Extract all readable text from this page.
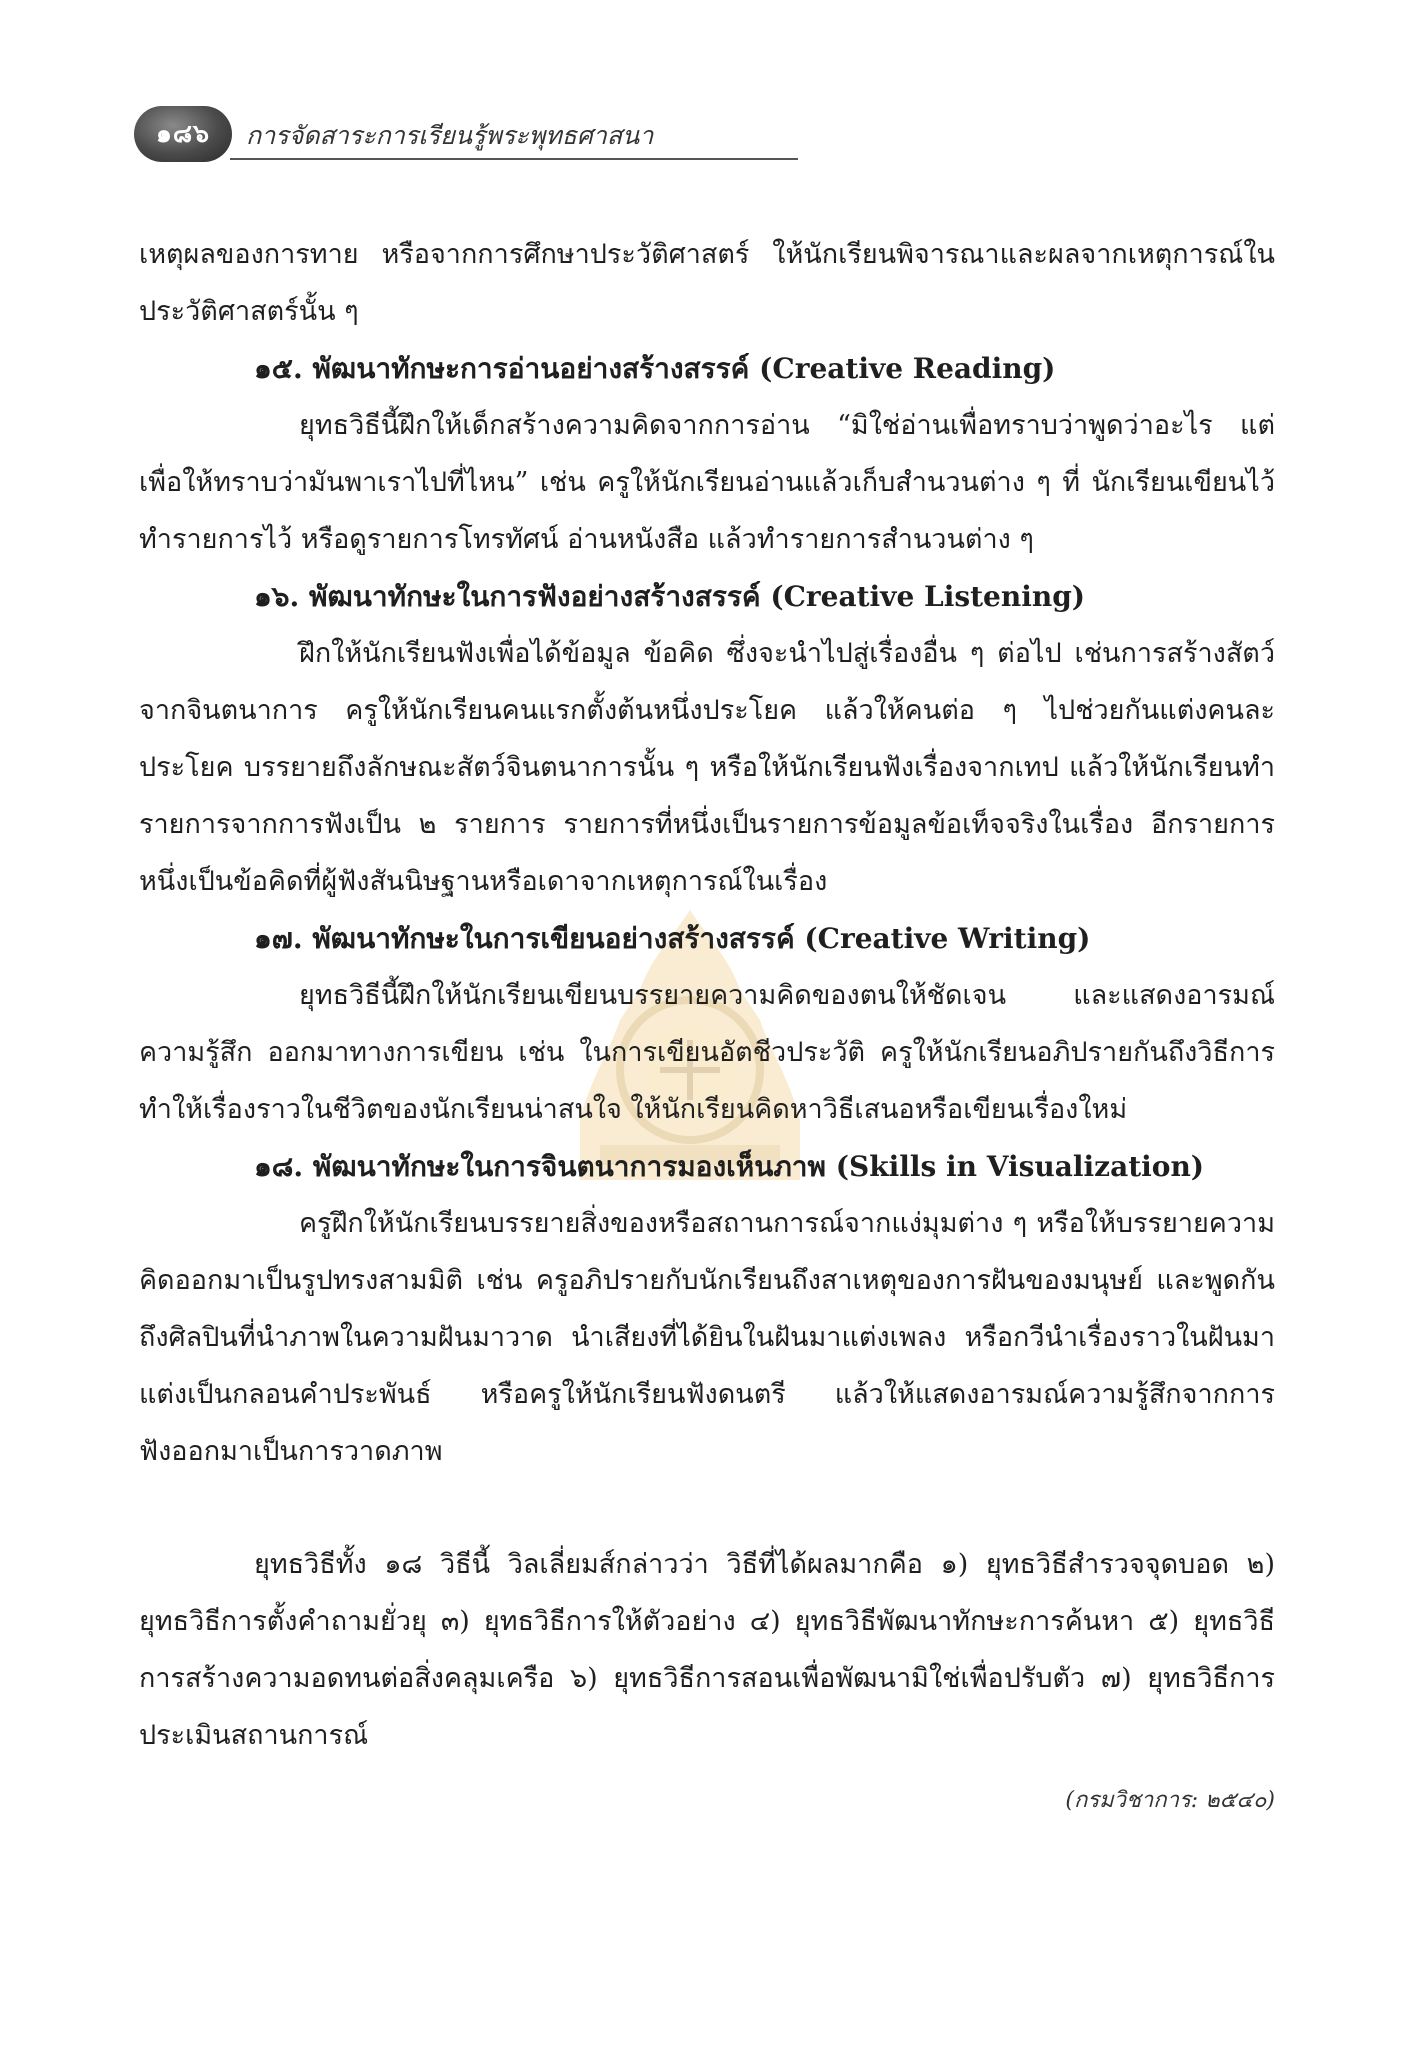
๑๘๖	การจัดสาระการเรียนรู้พระพุทธศาสนา

เหตุผลของการทาย หรือจากการศึกษาประวัติศาสตร์ ให้นักเรียนพิจารณาและผลจากเหตุการณ์ในประวัติศาสตร์นั้น ๆ

๑๕. พัฒนาทักษะการอ่านอย่างสร้างสรรค์ (Creative Reading)

ยุทธวิธีนี้ฝึกให้เด็กสร้างความคิดจากการอ่าน “มิใช่อ่านเพื่อทราบว่าพูดว่าอะไร แต่เพื่อให้ทราบว่ามันพาเราไปที่ไหน” เช่น ครูให้นักเรียนอ่านแล้วเก็บสำนวนต่าง ๆ ที่ นักเรียนเขียนไว้ ทำรายการไว้ หรือดูรายการโทรทัศน์ อ่านหนังสือ แล้วทำรายการสำนวนต่าง ๆ

๑๖. พัฒนาทักษะในการฟังอย่างสร้างสรรค์ (Creative Listening)

ฝึกให้นักเรียนฟังเพื่อได้ข้อมูล ข้อคิด ซึ่งจะนำไปสู่เรื่องอื่น ๆ ต่อไป เช่นการสร้างสัตว์จากจินตนาการ ครูให้นักเรียนคนแรกตั้งต้นหนึ่งประโยค แล้วให้คนต่อ ๆ ไปช่วยกันแต่งคนละประโยค บรรยายถึงลักษณะสัตว์จินตนาการนั้น ๆ หรือให้นักเรียนฟังเรื่องจากเทป แล้วให้นักเรียนทำรายการจากการฟังเป็น ๒ รายการ รายการที่หนึ่งเป็นรายการข้อมูลข้อเท็จจริงในเรื่อง อีกรายการหนึ่งเป็นข้อคิดที่ผู้ฟังสันนิษฐานหรือเดาจากเหตุการณ์ในเรื่อง

๑๗. พัฒนาทักษะในการเขียนอย่างสร้างสรรค์ (Creative Writing)

ยุทธวิธีนี้ฝึกให้นักเรียนเขียนบรรยายความคิดของตนให้ชัดเจน และแสดงอารมณ์ความรู้สึก ออกมาทางการเขียน เช่น ในการเขียนอัตชีวประวัติ ครูให้นักเรียนอภิปรายกันถึงวิธีการทำให้เรื่องราวในชีวิตของนักเรียนน่าสนใจ ให้นักเรียนคิดหาวิธีเสนอหรือเขียนเรื่องใหม่

๑๘. พัฒนาทักษะในการจินตนาการมองเห็นภาพ (Skills in Visualization)

ครูฝึกให้นักเรียนบรรยายสิ่งของหรือสถานการณ์จากแง่มุมต่าง ๆ หรือให้บรรยายความคิดออกมาเป็นรูปทรงสามมิติ เช่น ครูอภิปรายกับนักเรียนถึงสาเหตุของการฝันของมนุษย์ และพูดกันถึงศิลปินที่นำภาพในความฝันมาวาด นำเสียงที่ได้ยินในฝันมาแต่งเพลง หรือกวีนำเรื่องราวในฝันมาแต่งเป็นกลอนคำประพันธ์ หรือครูให้นักเรียนฟังดนตรี แล้วให้แสดงอารมณ์ความรู้สึกจากการฟังออกมาเป็นการวาดภาพ

ยุทธวิธีทั้ง ๑๘ วิธีนี้ วิลเลี่ยมส์กล่าวว่า วิธีที่ได้ผลมากคือ ๑) ยุทธวิธีสำรวจจุดบอด ๒) ยุทธวิธีการตั้งคำถามยั่วยุ ๓) ยุทธวิธีการให้ตัวอย่าง ๔) ยุทธวิธีพัฒนาทักษะการค้นหา ๕) ยุทธวิธีการสร้างความอดทนต่อสิ่งคลุมเครือ ๖) ยุทธวิธีการสอนเพื่อพัฒนามิใช่เพื่อปรับตัว ๗) ยุทธวิธีการประเมินสถานการณ์

(กรมวิชาการ: ๒๕๔๐)
